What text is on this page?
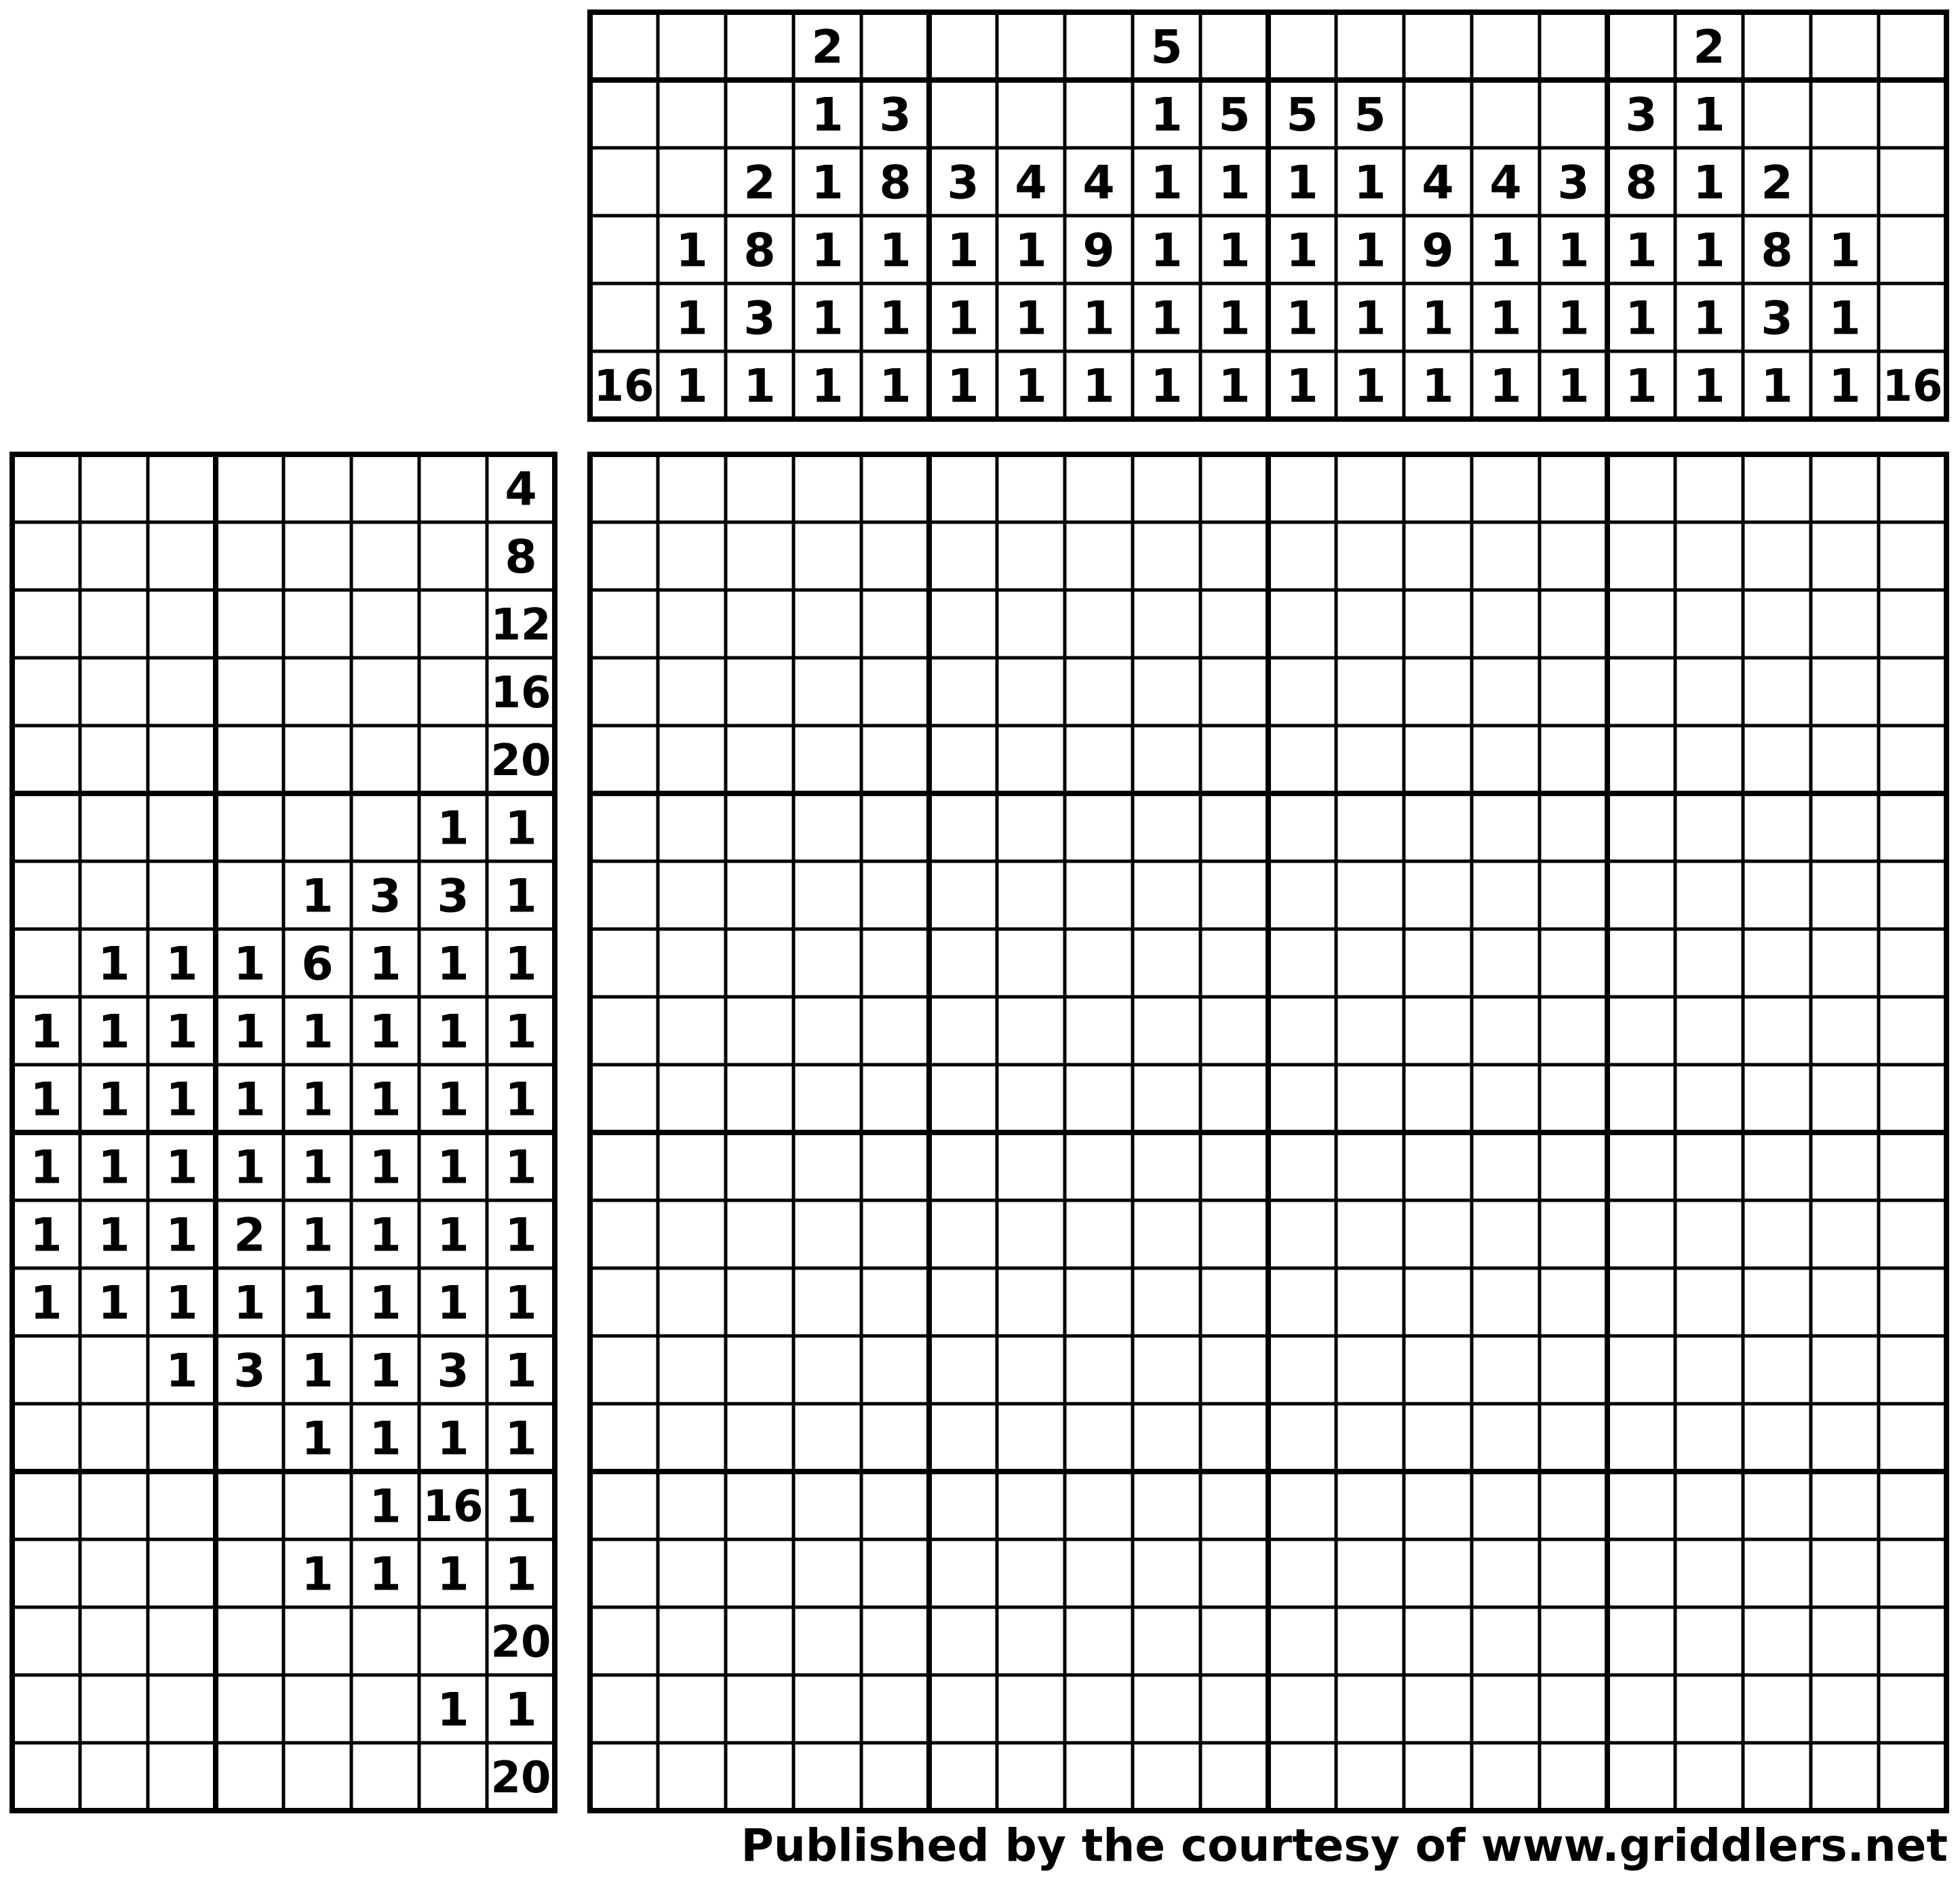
16
1
1
1
2
8
3
1
2
1
1
1
1
1
3
8
1
1
1
3
1
1
1
4
1
1
1
4
9
1
1
5
1
1
1
1
1
5
1
1
1
1
5
1
1
1
1
5
1
1
1
1
4
9
1
1
4
1
1
1
3
1
1
1
3
8
1
1
1
2
1
1
1
1
1
2
8
3
1
1
1
1 16
4
8
12
16
20
1 1
1 3 3 1
1 1 1 6 1 1 1
1 1 1 1 1 1 1 1
1 1 1 1 1 1 1 1
1 1 1 1 1 1 1 1
1 1 1 2 1 1 1 1
1 1 1 1 1 1 1 1
1 3 1 1 3 1
1 1 1 1
1 16 1
1 1 1 1
20
1 1
20

Published by the courtesy of www.griddlers.net
